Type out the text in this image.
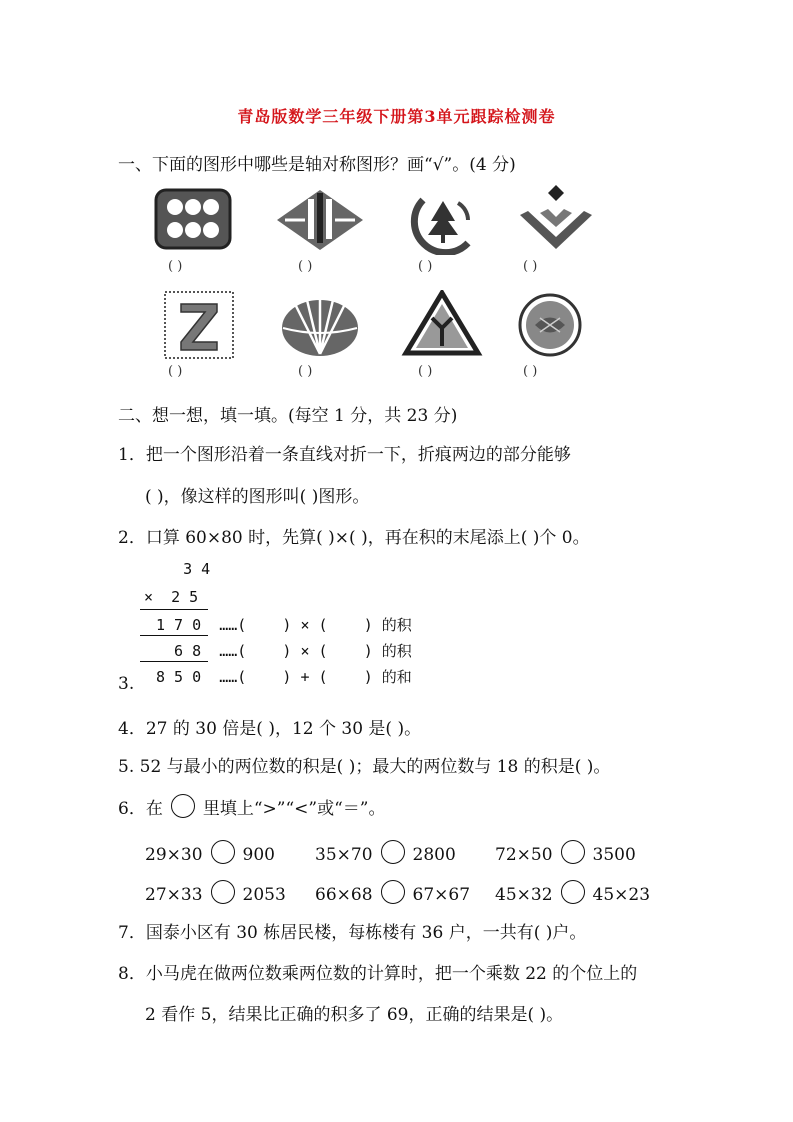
青岛版数学三年级下册第3单元跟踪检测卷
一、下面的图形中哪些是轴对称图形？画“√”。(4 分)
( )	( )	( )	( )
( )	( )	( )	( )
二、想一想，填一填。(每空 1 分，共 23 分)
1．把一个图形沿着一条直线对折一下，折痕两边的部分能够
( )，像这样的图形叫( )图形。
2．口算 60×80 时，先算( )×( )，再在积的末尾添上( )个 0。
3 4
×  2 5
1 7 0  ……(    ) × (    ) 的积
6 8  ……(    ) × (    ) 的积
8 5 0  ……(    ) + (    ) 的和
3.
4．27 的 30 倍是( )，12 个 30 是( )。
5. 52 与最小的两位数的积是( )；最大的两位数与 18 的积是( )。
6．在 里填上“>”“<”或“＝”。
29×30 900 35×70 2800 72×50 3500
27×33 2053 66×68 67×67 45×32 45×23
7．国泰小区有 30 栋居民楼，每栋楼有 36 户，一共有( )户。
8．小马虎在做两位数乘两位数的计算时，把一个乘数 22 的个位上的
2 看作 5，结果比正确的积多了 69，正确的结果是( )。
